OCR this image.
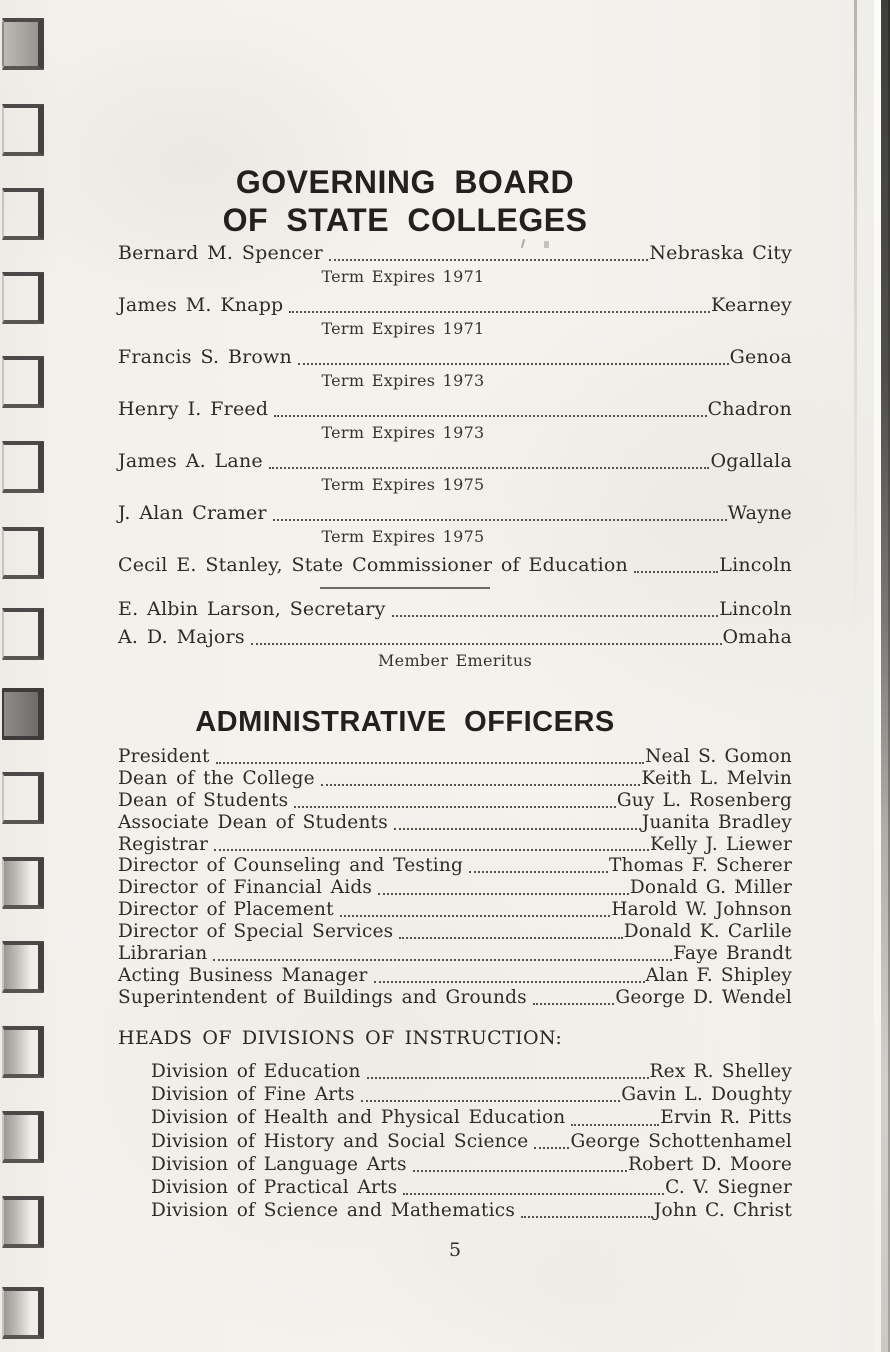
GOVERNING BOARD
OF STATE COLLEGES
Bernard M. Spencer	Nebraska City
Term Expires 1971
James M. Knapp	Kearney
Term Expires 1971
Francis S. Brown	Genoa
Term Expires 1973
Henry I. Freed	Chadron
Term Expires 1973
James A. Lane	Ogallala
Term Expires 1975
J. Alan Cramer	Wayne
Term Expires 1975
Cecil E. Stanley, State Commissioner of Education	Lincoln
E. Albin Larson, Secretary	Lincoln
A. D. Majors	Omaha
Member Emeritus
ADMINISTRATIVE OFFICERS
President	Neal S. Gomon
Dean of the College	Keith L. Melvin
Dean of Students	Guy L. Rosenberg
Associate Dean of Students	Juanita Bradley
Registrar	Kelly J. Liewer
Director of Counseling and Testing	Thomas F. Scherer
Director of Financial Aids	Donald G. Miller
Director of Placement	Harold W. Johnson
Director of Special Services	Donald K. Carlile
Librarian	Faye Brandt
Acting Business Manager	Alan F. Shipley
Superintendent of Buildings and Grounds	George D. Wendel
HEADS OF DIVISIONS OF INSTRUCTION:
Division of Education	Rex R. Shelley
Division of Fine Arts	Gavin L. Doughty
Division of Health and Physical Education	Ervin R. Pitts
Division of History and Social Science George Schottenhamel
Division of Language Arts	Robert D. Moore
Division of Practical Arts	C. V. Siegner
Division of Science and Mathematics	John C. Christ
5
